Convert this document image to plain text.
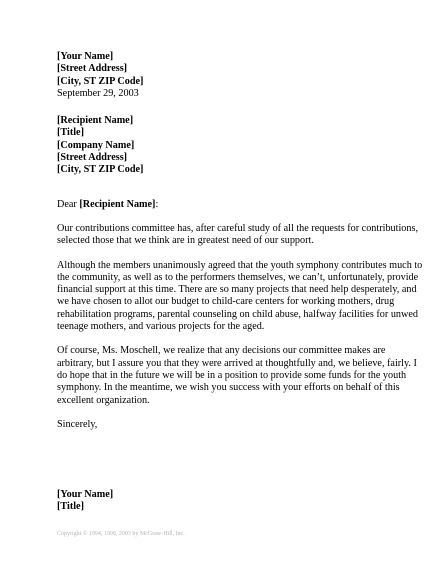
[Your Name]
[Street Address]
[City, ST ZIP Code]
September 29, 2003
[Recipient Name]
[Title]
[Company Name]
[Street Address]
[City, ST ZIP Code]
Dear [Recipient Name]:
Our contributions committee has, after careful study of all the requests for contributions,
selected those that we think are in greatest need of our support.
Although the members unanimously agreed that the youth symphony contributes much to
the community, as well as to the performers themselves, we can’t, unfortunately, provide
financial support at this time. There are so many projects that need help desperately, and
we have chosen to allot our budget to child-care centers for working mothers, drug
rehabilitation programs, parental counseling on child abuse, halfway facilities for unwed
teenage mothers, and various projects for the aged.
Of course, Ms. Moschell, we realize that any decisions our committee makes are
arbitrary, but I assure you that they were arrived at thoughtfully and, we believe, fairly. I
do hope that in the future we will be in a position to provide some funds for the youth
symphony. In the meantime, we wish you success with your efforts on behalf of this
excellent organization.
Sincerely,
[Your Name]
[Title]
Copyright © 1994, 1998, 2003 by McGraw-Hill, Inc.
